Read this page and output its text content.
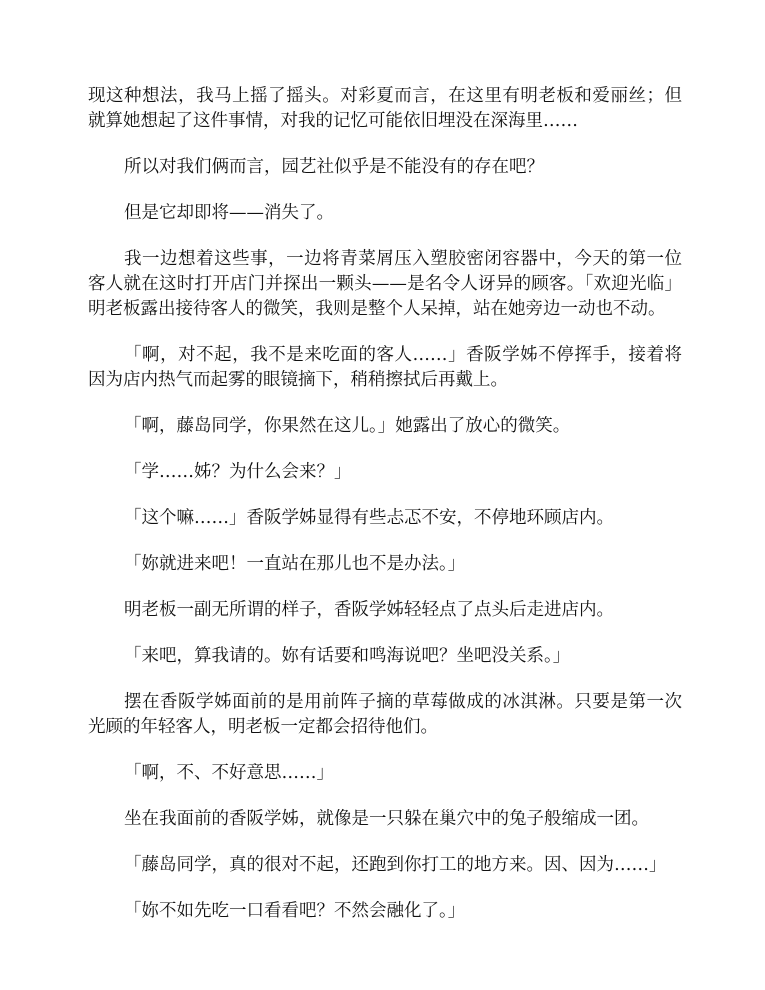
现这种想法，我马上摇了摇头。对彩夏而言，在这里有明老板和爱丽丝；但就算她想起了这件事情，对我的记忆可能依旧埋没在深海里……

所以对我们俩而言，园艺社似乎是不能没有的存在吧？

但是它却即将——消失了。

我一边想着这些事，一边将青菜屑压入塑胶密闭容器中，今天的第一位客人就在这时打开店门并探出一颗头——是名令人讶异的顾客。「欢迎光临」明老板露出接待客人的微笑，我则是整个人呆掉，站在她旁边一动也不动。

「啊，对不起，我不是来吃面的客人……」香阪学姊不停挥手，接着将因为店内热气而起雾的眼镜摘下，稍稍擦拭后再戴上。

「啊，藤岛同学，你果然在这儿。」她露出了放心的微笑。

「学……姊？为什么会来？」

「这个嘛……」香阪学姊显得有些忐忑不安，不停地环顾店内。

「妳就进来吧！一直站在那儿也不是办法。」

明老板一副无所谓的样子，香阪学姊轻轻点了点头后走进店内。

「来吧，算我请的。妳有话要和鸣海说吧？坐吧没关系。」

摆在香阪学姊面前的是用前阵子摘的草莓做成的冰淇淋。只要是第一次光顾的年轻客人，明老板一定都会招待他们。

「啊，不、不好意思……」

坐在我面前的香阪学姊，就像是一只躲在巢穴中的兔子般缩成一团。

「藤岛同学，真的很对不起，还跑到你打工的地方来。因、因为……」

「妳不如先吃一口看看吧？不然会融化了。」
